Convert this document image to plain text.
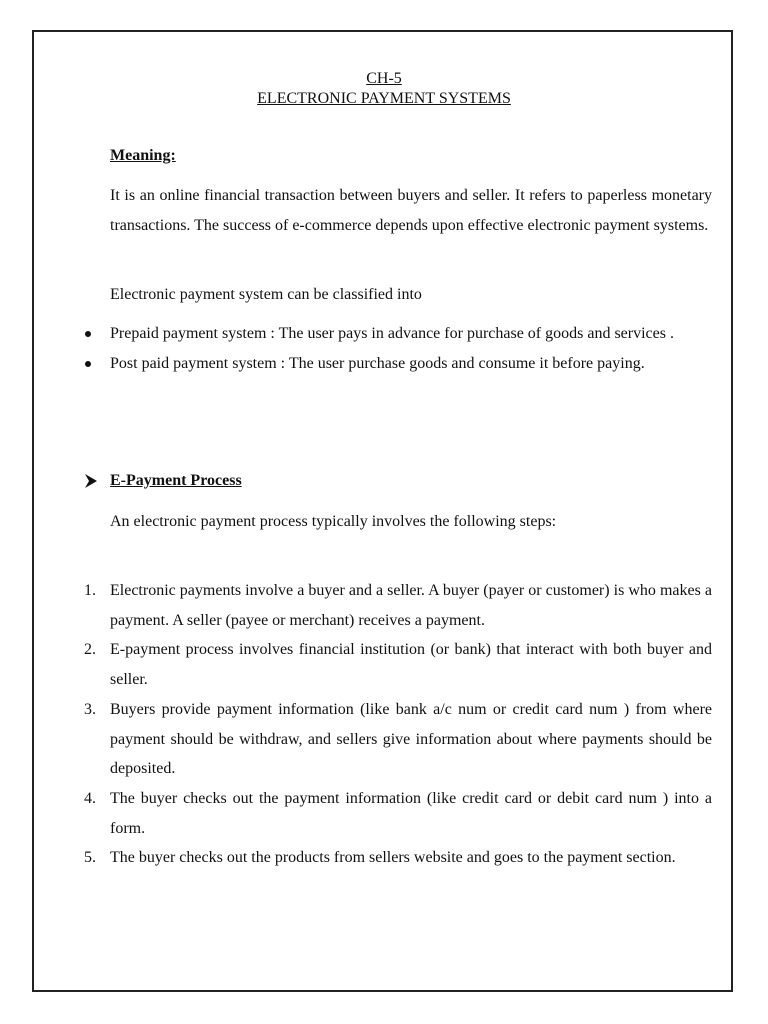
CH-5
ELECTRONIC PAYMENT SYSTEMS
Meaning:

It is an online financial transaction between buyers and seller. It refers to paperless monetary transactions. The success of e-commerce depends upon effective electronic payment systems.

Electronic payment system can be classified into

Prepaid payment system : The user pays in advance for purchase of goods and services .
Post paid payment system : The user purchase goods and consume it before paying.
E-Payment Process

An electronic payment process typically involves the following steps:

1. Electronic payments involve a buyer and a seller. A buyer (payer or customer) is who makes a payment. A seller (payee or merchant) receives a payment.
2. E-payment process involves financial institution (or bank) that interact with both buyer and seller.
3. Buyers provide payment information (like bank a/c num or credit card num ) from where payment should be withdraw, and sellers give information about where payments should be deposited.
4. The buyer checks out the payment information (like credit card or debit card num ) into a form.
5. The buyer checks out the products from sellers website and goes to the payment section.
